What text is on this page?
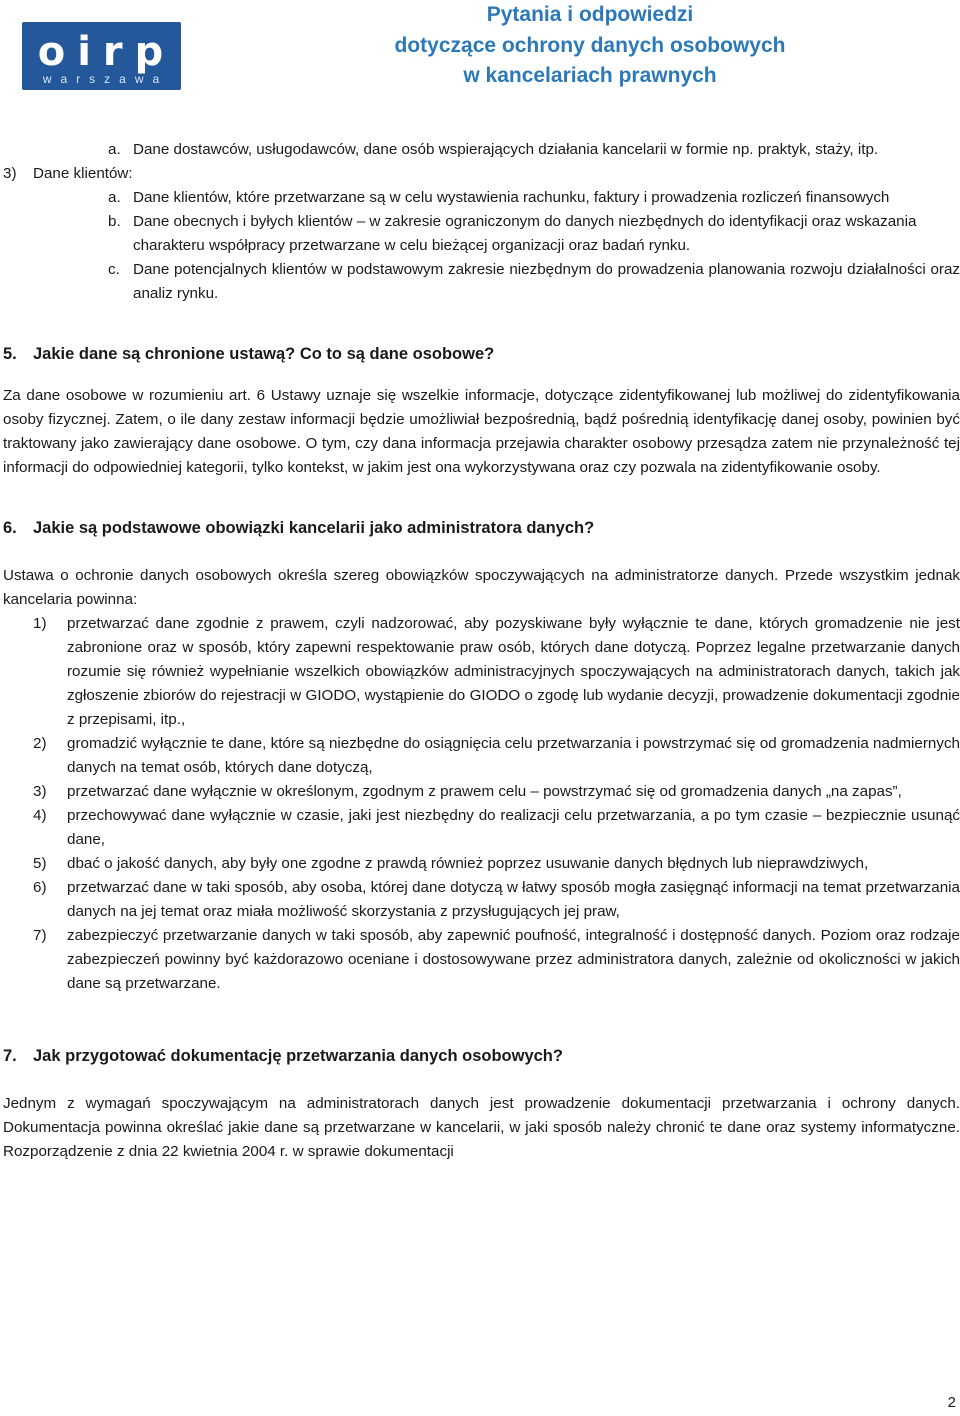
oirp
warszawa
Pytania i odpowiedzi
dotyczące ochrony danych osobowych
w kancelariach prawnych

a. Dane dostawców, usługodawców, dane osób wspierających działania kancelarii w formie np. praktyk, staży, itp.

3) Dane klientów:

a. Dane klientów, które przetwarzane są w celu wystawienia rachunku, faktury i prowadzenia rozliczeń finansowych

b. Dane obecnych i byłych klientów – w zakresie ograniczonym do danych niezbędnych do identyfikacji oraz wskazania charakteru współpracy przetwarzane w celu bieżącej organizacji oraz badań rynku.

c. Dane potencjalnych klientów w podstawowym zakresie niezbędnym do prowadzenia planowania rozwoju działalności oraz analiz rynku.

5. Jakie dane są chronione ustawą? Co to są dane osobowe?

Za dane osobowe w rozumieniu art. 6 Ustawy uznaje się wszelkie informacje, dotyczące zidentyfikowanej lub możliwej do zidentyfikowania osoby fizycznej. Zatem, o ile dany zestaw informacji będzie umożliwiał bezpośrednią, bądź pośrednią identyfikację danej osoby, powinien być traktowany jako zawierający dane osobowe. O tym, czy dana informacja przejawia charakter osobowy przesądza zatem nie przynależność tej informacji do odpowiedniej kategorii, tylko kontekst, w jakim jest ona wykorzystywana oraz czy pozwala na zidentyfikowanie osoby.

6. Jakie są podstawowe obowiązki kancelarii jako administratora danych?

Ustawa o ochronie danych osobowych określa szereg obowiązków spoczywających na administratorze danych. Przede wszystkim jednak kancelaria powinna:

1) przetwarzać dane zgodnie z prawem, czyli nadzorować, aby pozyskiwane były wyłącznie te dane, których gromadzenie nie jest zabronione oraz w sposób, który zapewni respektowanie praw osób, których dane dotyczą. Poprzez legalne przetwarzanie danych rozumie się również wypełnianie wszelkich obowiązków administracyjnych spoczywających na administratorach danych, takich jak zgłoszenie zbiorów do rejestracji w GIODO, wystąpienie do GIODO o zgodę lub wydanie decyzji, prowadzenie dokumentacji zgodnie z przepisami, itp.,

2) gromadzić wyłącznie te dane, które są niezbędne do osiągnięcia celu przetwarzania i powstrzymać się od gromadzenia nadmiernych danych na temat osób, których dane dotyczą,

3) przetwarzać dane wyłącznie w określonym, zgodnym z prawem celu – powstrzymać się od gromadzenia danych „na zapas”,

4) przechowywać dane wyłącznie w czasie, jaki jest niezbędny do realizacji celu przetwarzania, a po tym czasie – bezpiecznie usunąć dane,

5) dbać o jakość danych, aby były one zgodne z prawdą również poprzez usuwanie danych błędnych lub nieprawdziwych,

6) przetwarzać dane w taki sposób, aby osoba, której dane dotyczą w łatwy sposób mogła zasięgnąć informacji na temat przetwarzania danych na jej temat oraz miała możliwość skorzystania z przysługujących jej praw,

7) zabezpieczyć przetwarzanie danych w taki sposób, aby zapewnić poufność, integralność i dostępność danych. Poziom oraz rodzaje zabezpieczeń powinny być każdorazowo oceniane i dostosowywane przez administratora danych, zależnie od okoliczności w jakich dane są przetwarzane.

7. Jak przygotować dokumentację przetwarzania danych osobowych?

Jednym z wymagań spoczywającym na administratorach danych jest prowadzenie dokumentacji przetwarzania i ochrony danych. Dokumentacja powinna określać jakie dane są przetwarzane w kancelarii, w jaki sposób należy chronić te dane oraz systemy informatyczne. Rozporządzenie z dnia 22 kwietnia 2004 r. w sprawie dokumentacji

2
